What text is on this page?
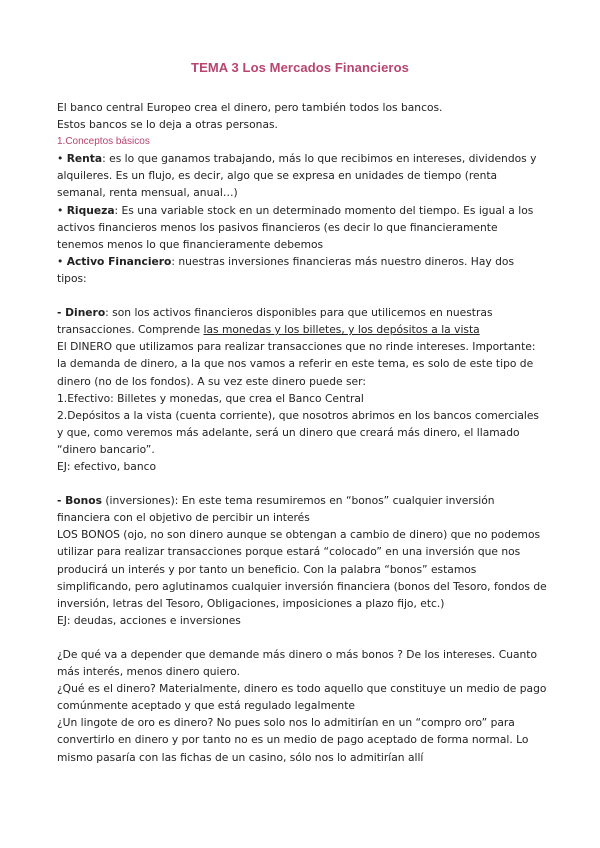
TEMA 3 Los Mercados Financieros

El banco central Europeo crea el dinero, pero también todos los bancos.

Estos bancos se lo deja a otras personas.

1.Conceptos básicos

• Renta: es lo que ganamos trabajando, más lo que recibimos en intereses, dividendos y alquileres. Es un flujo, es decir, algo que se expresa en unidades de tiempo (renta semanal, renta mensual, anual…)

• Riqueza: Es una variable stock en un determinado momento del tiempo. Es igual a los activos financieros menos los pasivos financieros (es decir lo que financieramente tenemos menos lo que financieramente debemos

• Activo Financiero: nuestras inversiones financieras más nuestro dineros. Hay dos tipos:

- Dinero: son los activos financieros disponibles para que utilicemos en nuestras transacciones. Comprende las monedas y los billetes, y los depósitos a la vista

El DINERO que utilizamos para realizar transacciones que no rinde intereses. Importante: la demanda de dinero, a la que nos vamos a referir en este tema, es solo de este tipo de dinero (no de los fondos). A su vez este dinero puede ser:

1.Efectivo: Billetes y monedas, que crea el Banco Central

2.Depósitos a la vista (cuenta corriente), que nosotros abrimos en los bancos comerciales y que, como veremos más adelante, será un dinero que creará más dinero, el llamado “dinero bancario”.

EJ: efectivo, banco

- Bonos (inversiones): En este tema resumiremos en “bonos” cualquier inversión financiera con el objetivo de percibir un interés

LOS BONOS (ojo, no son dinero aunque se obtengan a cambio de dinero) que no podemos utilizar para realizar transacciones porque estará “colocado” en una inversión que nos producirá un interés y por tanto un beneficio. Con la palabra “bonos” estamos simplificando, pero aglutinamos cualquier inversión financiera (bonos del Tesoro, fondos de inversión, letras del Tesoro, Obligaciones, imposiciones a plazo fijo, etc.)

EJ: deudas, acciones e inversiones

¿De qué va a depender que demande más dinero o más bonos ? De los intereses. Cuanto más interés, menos dinero quiero.

¿Qué es el dinero? Materialmente, dinero es todo aquello que constituye un medio de pago comúnmente aceptado y que está regulado legalmente

¿Un lingote de oro es dinero? No pues solo nos lo admitirían en un “compro oro” para convertirlo en dinero y por tanto no es un medio de pago aceptado de forma normal. Lo mismo pasaría con las fichas de un casino, sólo nos lo admitirían allí
